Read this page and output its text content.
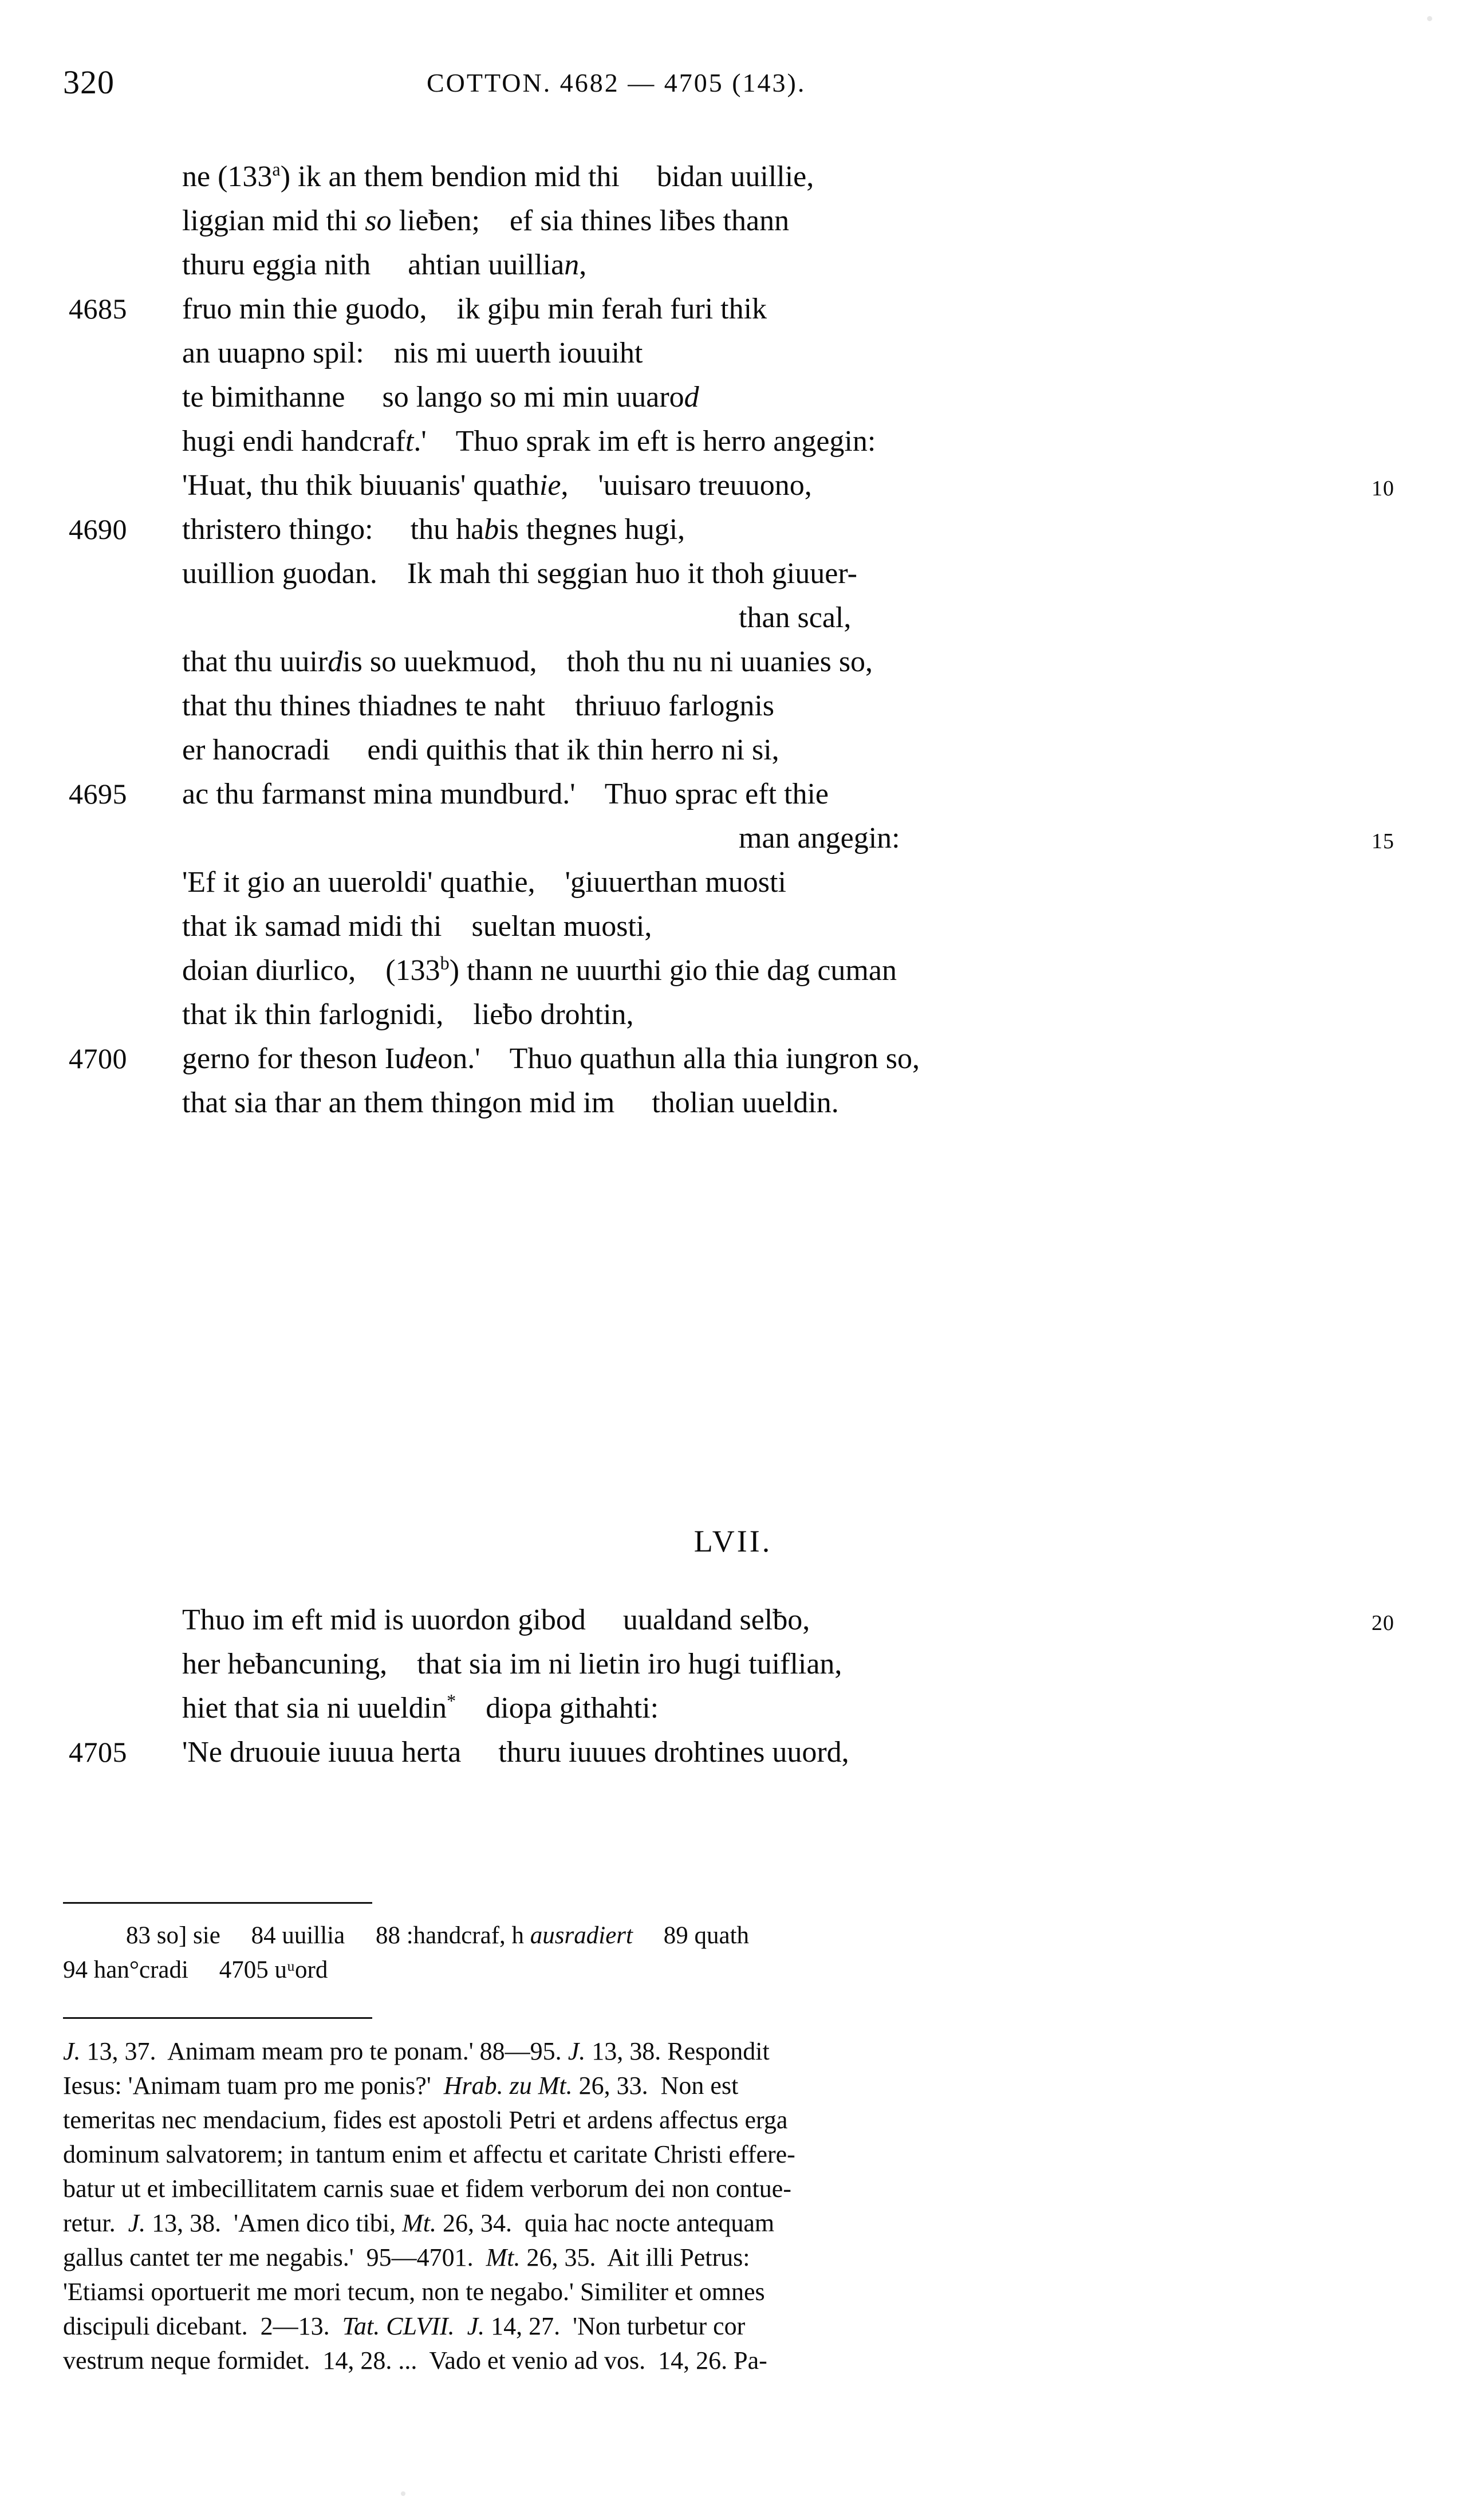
320	COTTON. 4682 — 4705 (143).
ne (133$^a$) ik an them bendion mid thi     bidan uuillie,
liggian mid thi so lieƀen;    ef sia thines liƀes thann
thuru eggia nith     ahtian uuillian,
4685 fruo min thie guodo,    ik giþu min ferah furi thik
an uuapno spil:    nis mi uuerth iouuiht
te bimithanne     so lango so mi min uuarod
hugi endi handcraft.'    Thuo sprak im eft is herro angegin:
'Huat, thu thik biuuanis' quathie,    'uuisaro treuuono,	10
4690 thristero thingo:     thu habis thegnes hugi,
uuillion guodan.    Ik mah thi seggian huo it thoh giuuer-
than scal,
that thu uuirdis so uuekmuod,    thoh thu nu ni uuanies so,
that thu thines thiadnes te naht    thriuuo farlognis
er hanocradi     endi quithis that ik thin herro ni si,
4695 ac thu farmanst mina mundburd.'    Thuo sprac eft thie
man angegin:	15
'Ef it gio an uueroldi' quathie,    'giuuerthan muosti
that ik samad midi thi    sueltan muosti,
doian diurlico,    (133$^b$) thann ne uuurthi gio thie dag cuman
that ik thin farlognidi,    lieƀo drohtin,
4700 gerno for theson Iudeon.'    Thuo quathun alla thia iungron so,
that sia thar an them thingon mid im     tholian uueldin.
LVII.
Thuo im eft mid is uuordon gibod     uualdand selƀo,	20
her heƀancuning,    that sia im ni lietin iro hugi tuiflian,
hiet that sia ni uueldin*    diopa githahti:
4705 'Ne druouie iuuua herta     thuru iuuues drohtines uuord,
83 so] sie     84 uuillia     88 :handcraf, h ausradiert     89 quath
94 han°cradi     4705 uᵘord
J. 13, 37.  Animam meam pro te ponam.' 88—95. J. 13, 38. Respondit
Iesus: 'Animam tuam pro me ponis?'  Hrab. zu Mt. 26, 33.  Non est
temeritas nec mendacium, fides est apostoli Petri et ardens affectus erga
dominum salvatorem; in tantum enim et affectu et caritate Christi effere-
batur ut et imbecillitatem carnis suae et fidem verborum dei non contue-
retur.  J. 13, 38.  'Amen dico tibi, Mt. 26, 34.  quia hac nocte antequam
gallus cantet ter me negabis.'  95—4701.  Mt. 26, 35.  Ait illi Petrus:
'Etiamsi oportuerit me mori tecum, non te negabo.' Similiter et omnes
discipuli dicebant.  2—13.  Tat. CLVII. J. 14, 27.  'Non turbetur cor
vestrum neque formidet.  14, 28. ...  Vado et venio ad vos.  14, 26. Pa-
